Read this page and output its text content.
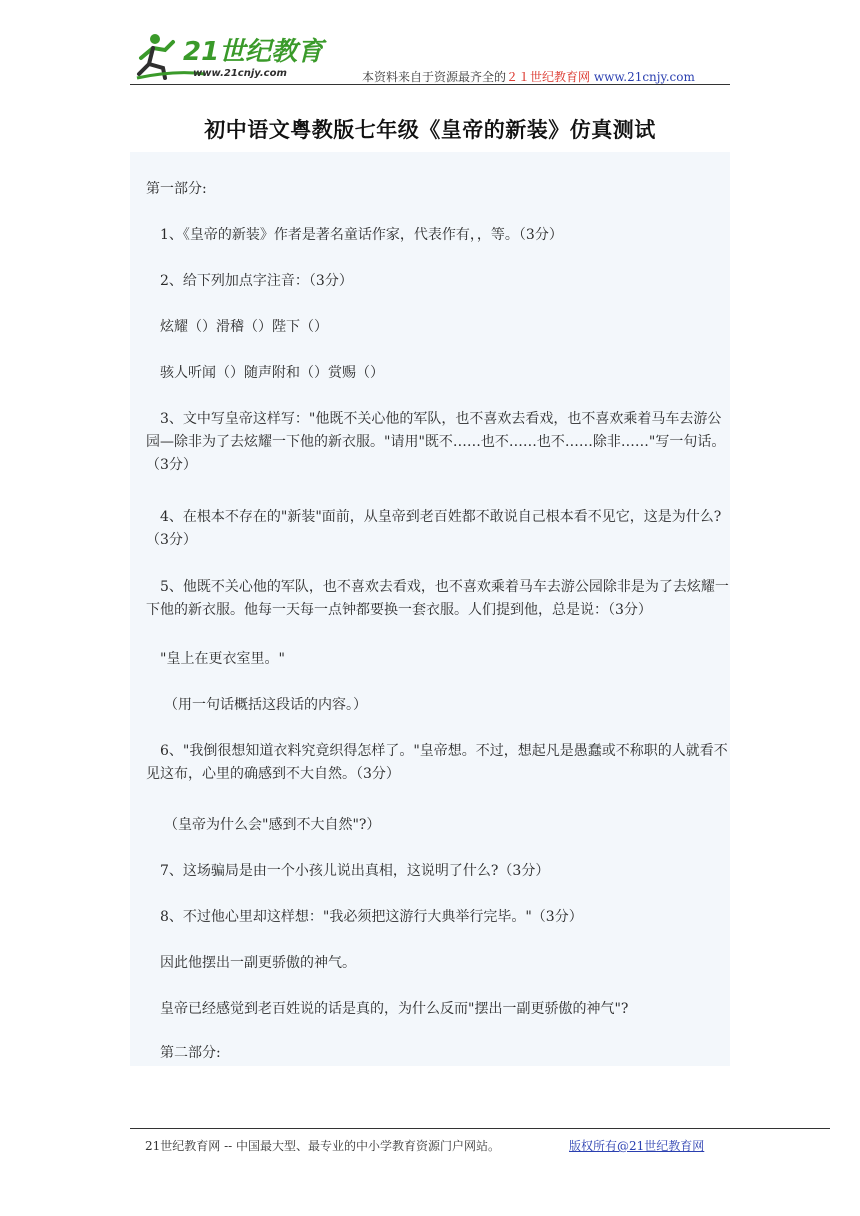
21世纪教育
www.21cnjy.com	本资料来自于资源最齐全的２１世纪教育网 www.21cnjy.com
初中语文粤教版七年级《皇帝的新装》仿真测试
第一部分:
1、《皇帝的新装》作者是著名童话作家，代表作有，，等。（3分）
2、给下列加点字注音：（3分）
炫耀（）滑稽（）陛下（）
骇人听闻（）随声附和（）赏赐（）
3、文中写皇帝这样写："他既不关心他的军队，也不喜欢去看戏，也不喜欢乘着马车去游公园—除非为了去炫耀一下他的新衣服。"请用"既不……也不……也不……除非……"写一句话。（3分）
4、在根本不存在的"新装"面前，从皇帝到老百姓都不敢说自己根本看不见它，这是为什么?（3分）
5、他既不关心他的军队，也不喜欢去看戏，也不喜欢乘着马车去游公园除非是为了去炫耀一下他的新衣服。他每一天每一点钟都要换一套衣服。人们提到他，总是说：（3分）
"皇上在更衣室里。"
（用一句话概括这段话的内容。）
6、"我倒很想知道衣料究竟织得怎样了。"皇帝想。不过，想起凡是愚蠢或不称职的人就看不见这布，心里的确感到不大自然。（3分）
（皇帝为什么会"感到不大自然"?）
7、这场骗局是由一个小孩儿说出真相，这说明了什么?（3分）
8、不过他心里却这样想："我必须把这游行大典举行完毕。"（3分）
因此他摆出一副更骄傲的神气。
皇帝已经感觉到老百姓说的话是真的，为什么反而"摆出一副更骄傲的神气"?
第二部分:
21世纪教育网 -- 中国最大型、最专业的中小学教育资源门户网站。	版权所有@21世纪教育网
